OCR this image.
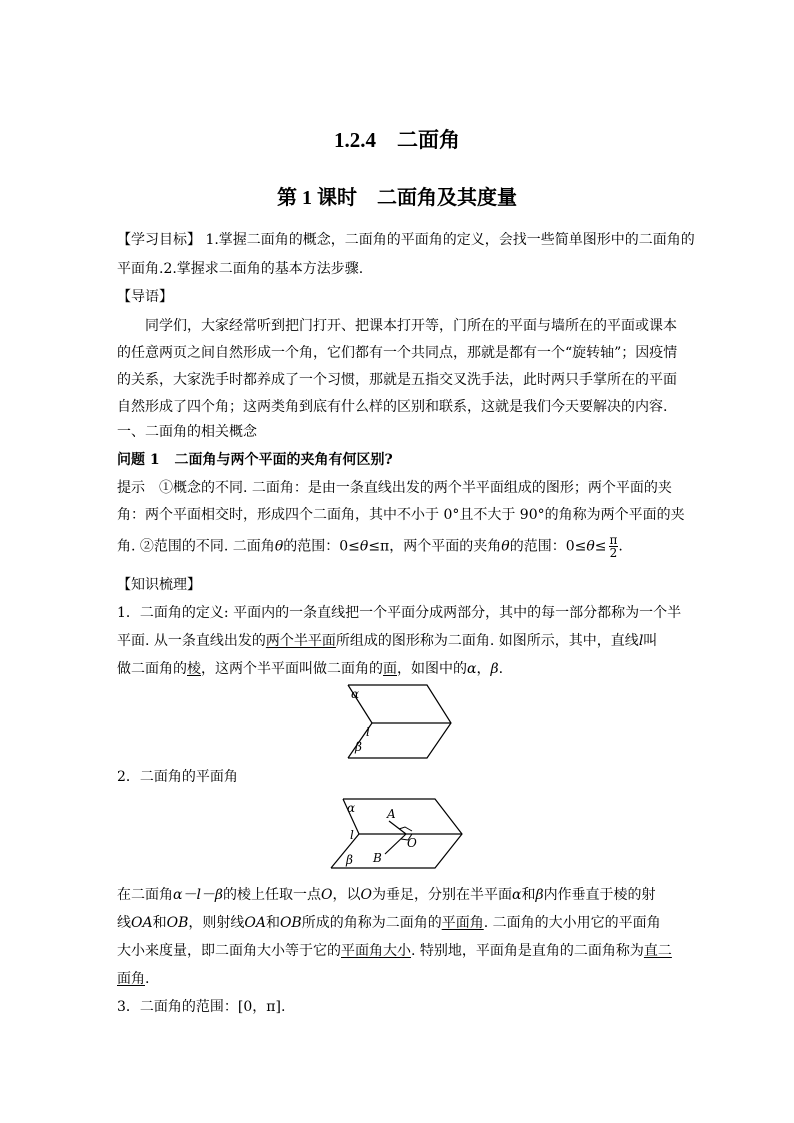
1.2.4　二面角
第 1 课时　二面角及其度量
【学习目标】 1.掌握二面角的概念，二面角的平面角的定义，会找一些简单图形中的二面角的
平面角.2.掌握求二面角的基本方法步骤.
【导语】
同学们，大家经常听到把门打开、把课本打开等，门所在的平面与墙所在的平面或课本
的任意两页之间自然形成一个角，它们都有一个共同点，那就是都有一个“旋转轴”；因疫情
的关系，大家洗手时都养成了一个习惯，那就是五指交叉洗手法，此时两只手掌所在的平面
自然形成了四个角；这两类角到底有什么样的区别和联系，这就是我们今天要解决的内容.
一、二面角的相关概念
问题 1 二面角与两个平面的夹角有何区别?
提示　①概念的不同. 二面角：是由一条直线出发的两个半平面组成的图形；两个平面的夹
角：两个平面相交时，形成四个二面角，其中不小于 0°且不大于 90°的角称为两个平面的夹
角. ②范围的不同. 二面角θ的范围：0≤θ≤π，两个平面的夹角θ的范围：$0\le\theta\le \frac{\pi}{2}$ .
【知识梳理】
1．二面角的定义: 平面内的一条直线把一个平面分成两部分，其中的每一部分都称为一个半
平面. 从一条直线出发的两个半平面所组成的图形称为二面角. 如图所示，其中，直线l叫
做二面角的棱，这两个半平面叫做二面角的面，如图中的α，β.
α
l
β
2．二面角的平面角
α	A
l
O
B
β
在二面角α－l－β的棱上任取一点O，以O为垂足，分别在半平面α和β内作垂直于棱的射
线OA和OB，则射线OA和OB所成的角称为二面角的平面角. 二面角的大小用它的平面角
大小来度量，即二面角大小等于它的平面角大小. 特别地，平面角是直角的二面角称为直二
面角.
3．二面角的范围：[0，π].
